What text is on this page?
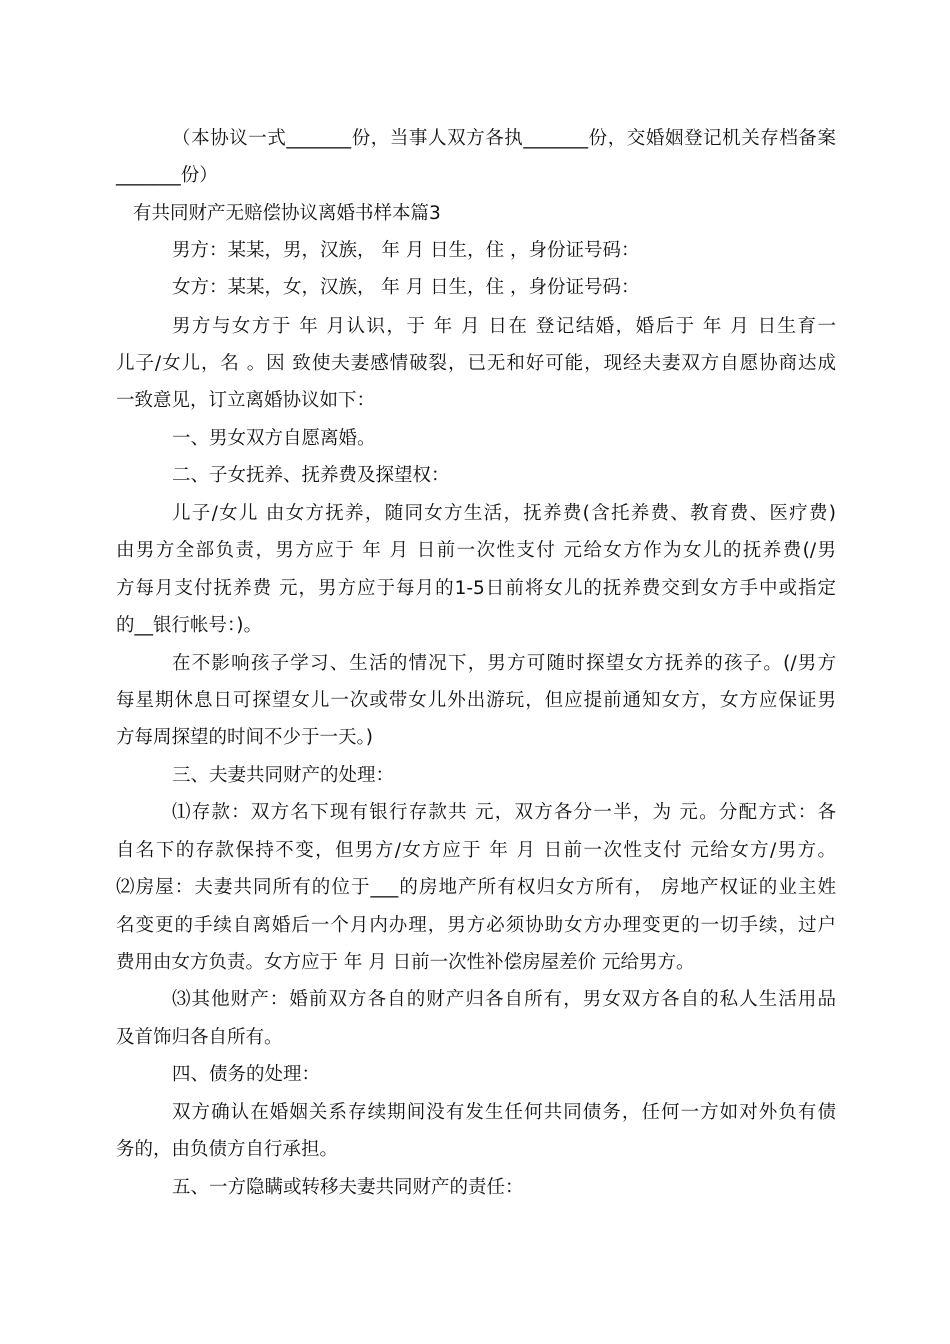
（本协议一式_______份，当事人双方各执_______份，交婚姻登记机关存档备案
_______份）
有共同财产无赔偿协议离婚书样本篇3
男方：某某，男，汉族， 年 月 日生，住 ，身份证号码：
女方：某某，女，汉族， 年 月 日生，住 ，身份证号码：
男方与女方于 年 月认识，于 年 月 日在 登记结婚，婚后于 年 月 日生育一
儿子/女儿，名 。因 致使夫妻感情破裂，已无和好可能，现经夫妻双方自愿协商达成
一致意见，订立离婚协议如下：
一、男女双方自愿离婚。
二、子女抚养、抚养费及探望权：
儿子/女儿 由女方抚养，随同女方生活，抚养费(含托养费、教育费、医疗费)
由男方全部负责，男方应于 年 月 日前一次性支付 元给女方作为女儿的抚养费(/男
方每月支付抚养费 元，男方应于每月的1-5日前将女儿的抚养费交到女方手中或指定
的__银行帐号：)。
在不影响孩子学习、生活的情况下，男方可随时探望女方抚养的孩子。(/男方
每星期休息日可探望女儿一次或带女儿外出游玩，但应提前通知女方，女方应保证男
方每周探望的时间不少于一天。)
三、夫妻共同财产的处理：
⑴存款：双方名下现有银行存款共 元，双方各分一半，为 元。分配方式：各
自名下的存款保持不变，但男方/女方应于 年 月 日前一次性支付 元给女方/男方。
⑵房屋：夫妻共同所有的位于___的房地产所有权归女方所有， 房地产权证的业主姓
名变更的手续自离婚后一个月内办理，男方必须协助女方办理变更的一切手续，过户
费用由女方负责。女方应于 年 月 日前一次性补偿房屋差价 元给男方。
⑶其他财产：婚前双方各自的财产归各自所有，男女双方各自的私人生活用品
及首饰归各自所有。
四、债务的处理：
双方确认在婚姻关系存续期间没有发生任何共同债务，任何一方如对外负有债
务的，由负债方自行承担。
五、一方隐瞒或转移夫妻共同财产的责任：
